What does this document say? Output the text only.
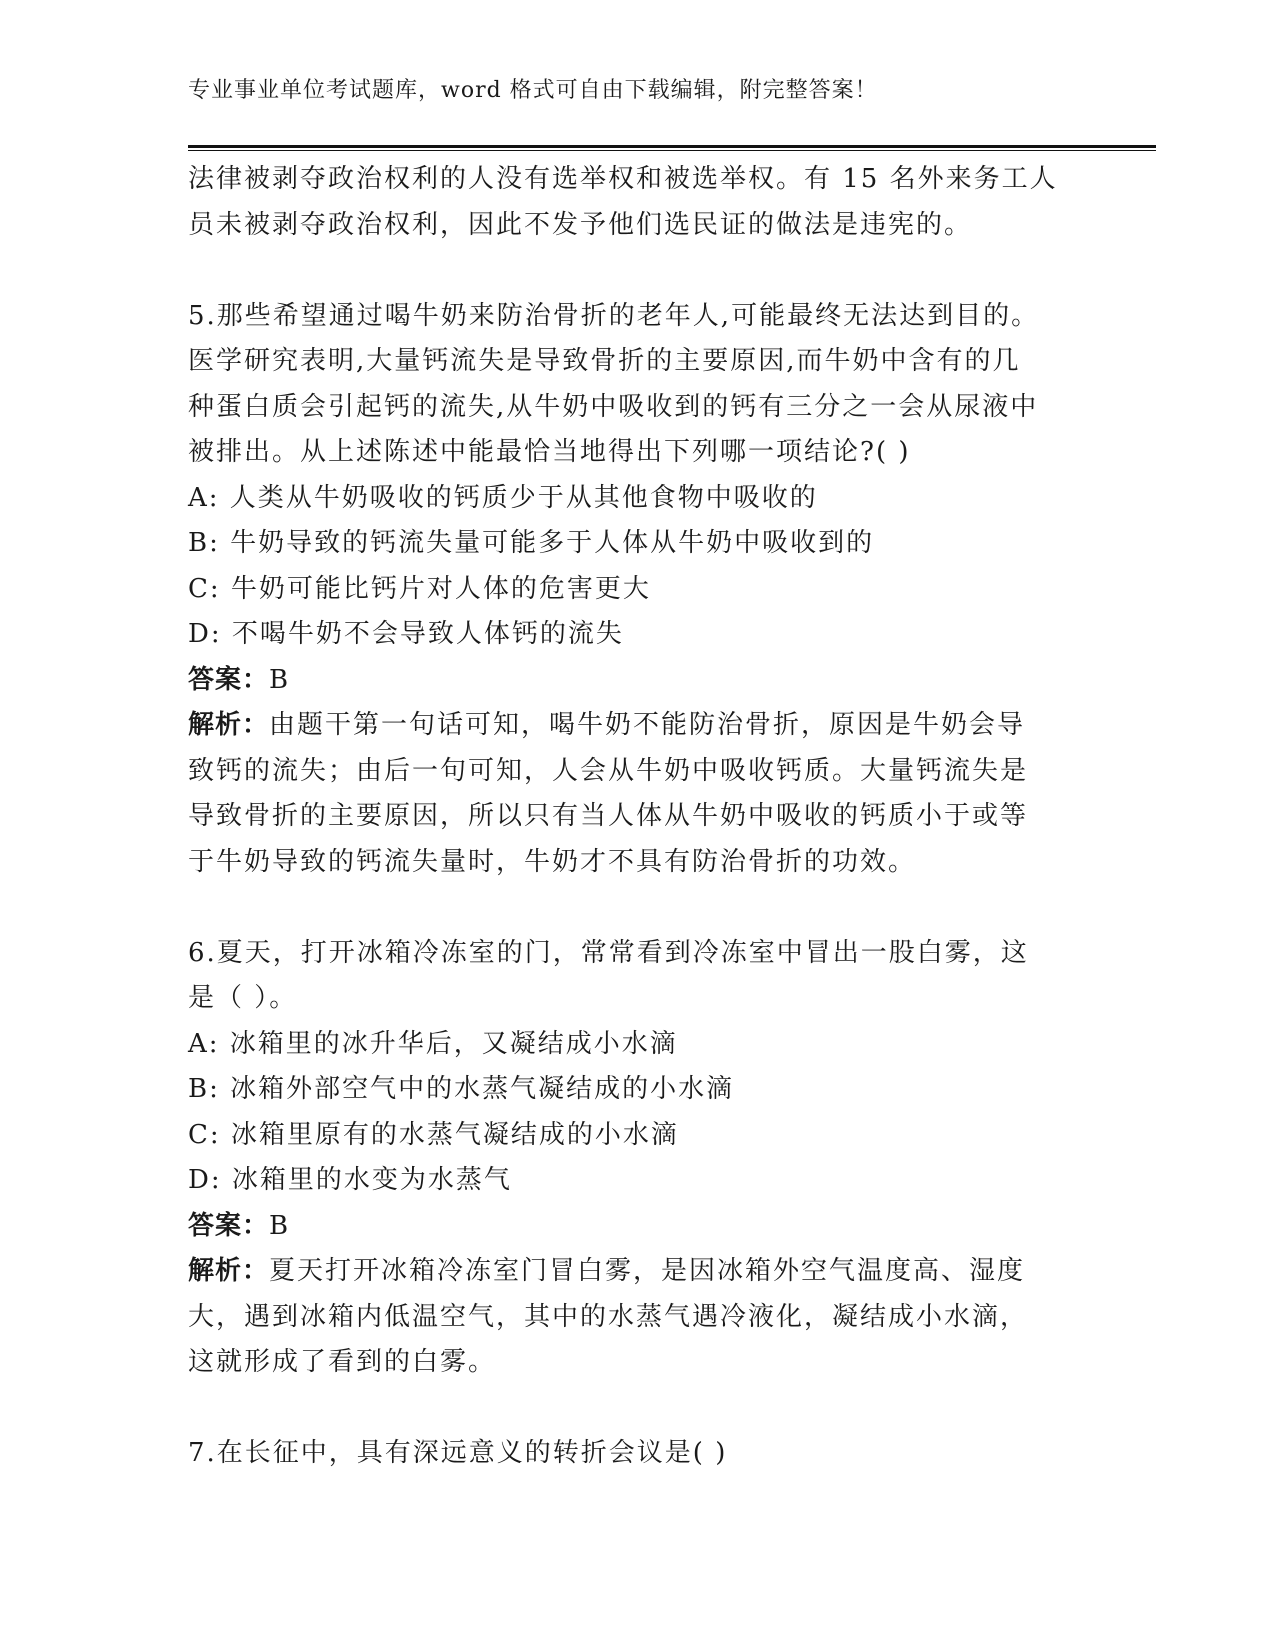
专业事业单位考试题库，word 格式可自由下载编辑，附完整答案！
法律被剥夺政治权利的人没有选举权和被选举权。有 15 名外来务工人
员未被剥夺政治权利，因此不发予他们选民证的做法是违宪的。
5.那些希望通过喝牛奶来防治骨折的老年人,可能最终无法达到目的。
医学研究表明,大量钙流失是导致骨折的主要原因,而牛奶中含有的几
种蛋白质会引起钙的流失,从牛奶中吸收到的钙有三分之一会从尿液中
被排出。从上述陈述中能最恰当地得出下列哪一项结论?( )
A: 人类从牛奶吸收的钙质少于从其他食物中吸收的
B: 牛奶导致的钙流失量可能多于人体从牛奶中吸收到的
C: 牛奶可能比钙片对人体的危害更大
D: 不喝牛奶不会导致人体钙的流失
答案：B
解析：由题干第一句话可知，喝牛奶不能防治骨折，原因是牛奶会导
致钙的流失；由后一句可知，人会从牛奶中吸收钙质。大量钙流失是
导致骨折的主要原因，所以只有当人体从牛奶中吸收的钙质小于或等
于牛奶导致的钙流失量时，牛奶才不具有防治骨折的功效。
6.夏天，打开冰箱冷冻室的门，常常看到冷冻室中冒出一股白雾，这
是（ ）。
A: 冰箱里的冰升华后，又凝结成小水滴
B: 冰箱外部空气中的水蒸气凝结成的小水滴
C: 冰箱里原有的水蒸气凝结成的小水滴
D: 冰箱里的水变为水蒸气
答案：B
解析：夏天打开冰箱冷冻室门冒白雾，是因冰箱外空气温度高、湿度
大，遇到冰箱内低温空气，其中的水蒸气遇冷液化，凝结成小水滴，
这就形成了看到的白雾。
7.在长征中，具有深远意义的转折会议是( )
